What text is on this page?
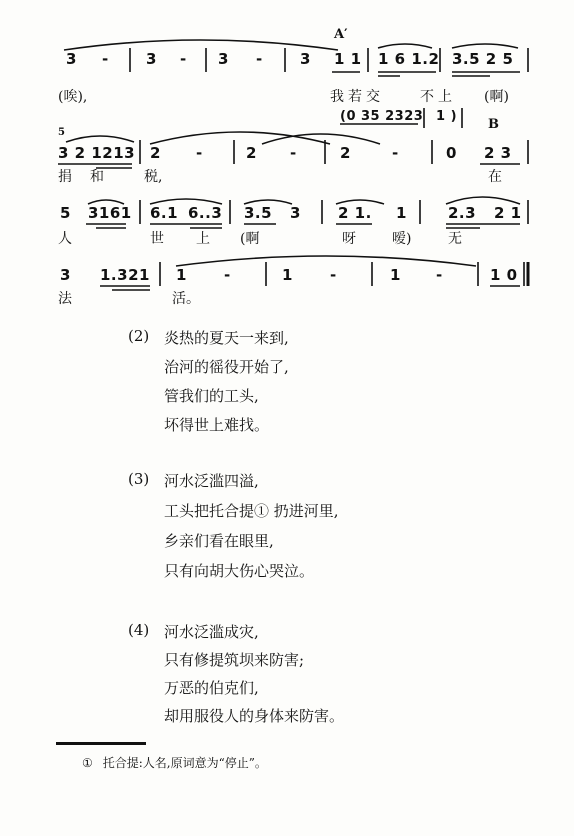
A′
B
5
3 - 3 - 3 - 3 1 1 1 6 1.2 3.5 2 5
(唉),	我若交	不上 (啊)
(0 35 2323 1 )
3 2 1213 2 -	2 -	2	-	0 2 3
捐 和	税,	在
5 3161 6.1 6..3 3.5 3 2 1. 1	2.3 2 1
人	世 上 (啊	呀	嗳)	无
3 1.321 1 -	1 -	1 -	1 0
法	活。
(2) 炎热的夏天一来到,
治河的徭役开始了,
管我们的工头,
坏得世上难找。
(3) 河水泛滥四溢,
工头把托合提① 扔进河里,
乡亲们看在眼里,
只有向胡大伤心哭泣。
(4) 河水泛滥成灾,
只有修提筑坝来防害;
万恶的伯克们,
却用服役人的身体来防害。
① 托合提:人名,原词意为“停止”。
